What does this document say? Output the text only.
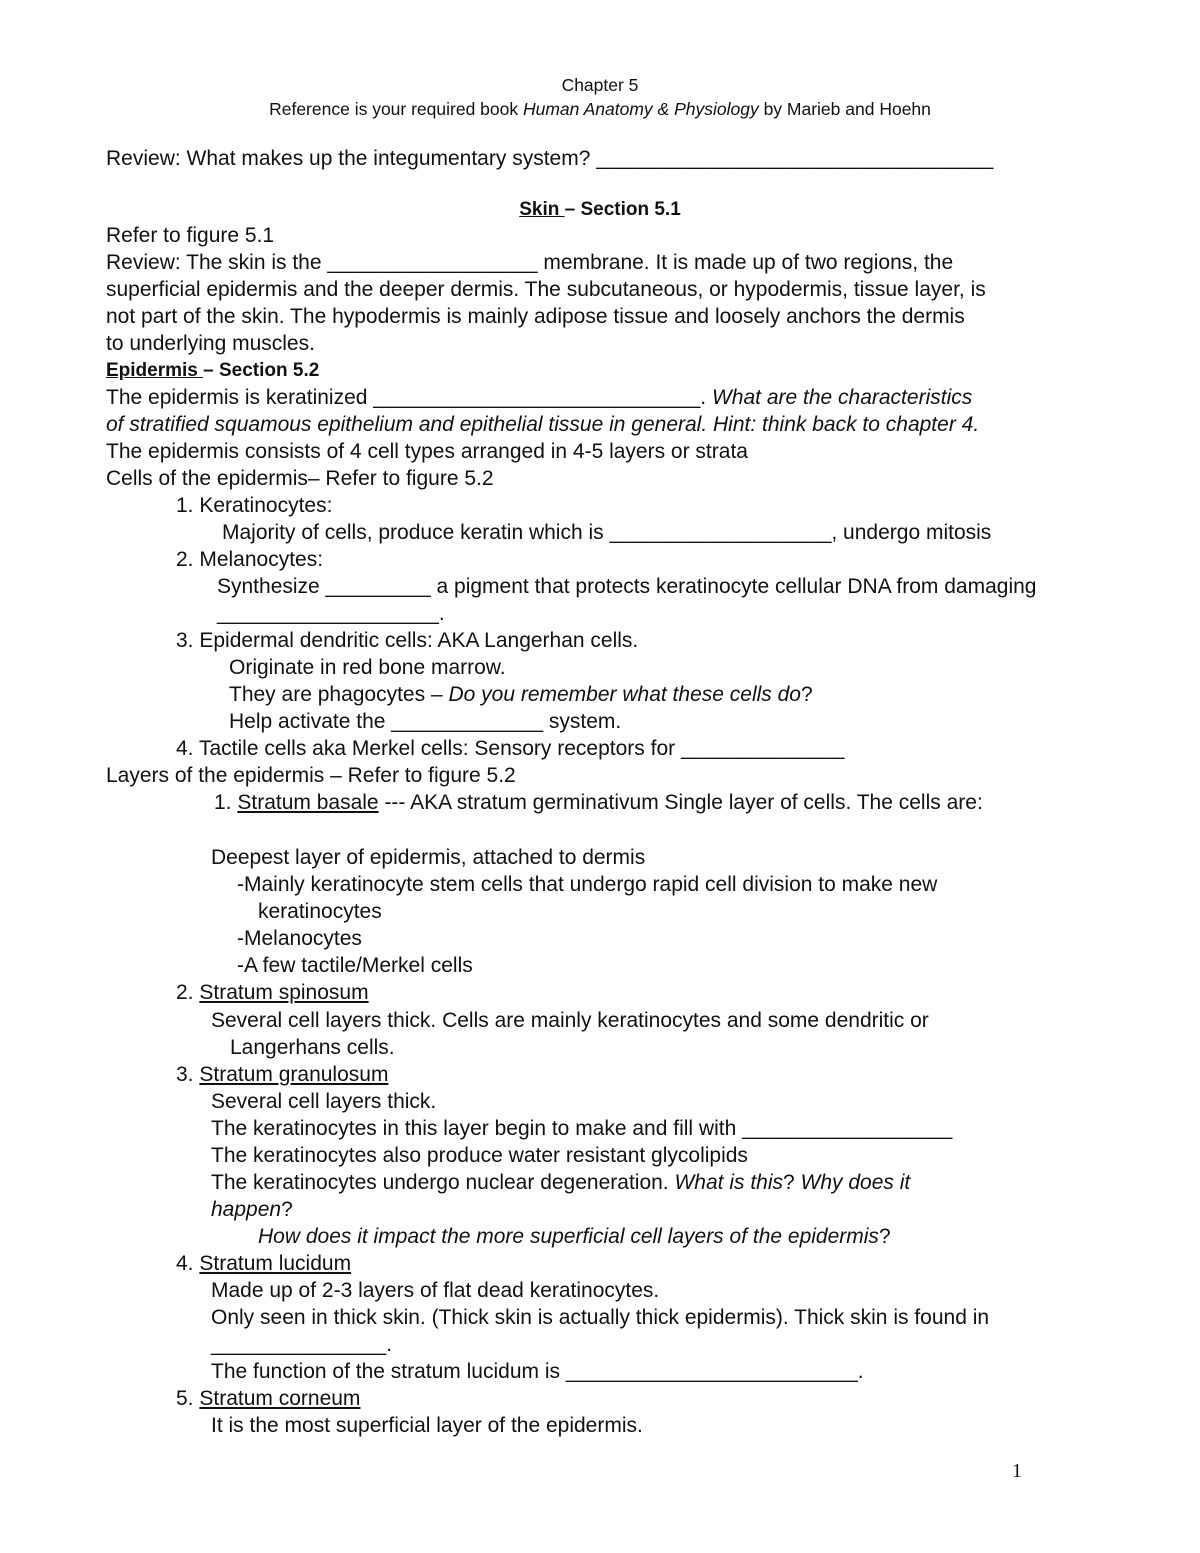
Chapter 5
Reference is your required book Human Anatomy & Physiology by Marieb and Hoehn
Review: What makes up the integumentary system? __________________________________
Skin – Section 5.1
Refer to figure 5.1
Review: The skin is the __________________ membrane. It is made up of two regions, the
superficial epidermis and the deeper dermis. The subcutaneous, or hypodermis, tissue layer, is
not part of the skin. The hypodermis is mainly adipose tissue and loosely anchors the dermis
to underlying muscles.
Epidermis – Section 5.2
The epidermis is keratinized ____________________________. What are the characteristics
of stratified squamous epithelium and epithelial tissue in general. Hint: think back to chapter 4.
The epidermis consists of 4 cell types arranged in 4-5 layers or strata
Cells of the epidermis– Refer to figure 5.2
1. Keratinocytes:
Majority of cells, produce keratin which is ___________________, undergo mitosis
2. Melanocytes:
Synthesize _________ a pigment that protects keratinocyte cellular DNA from damaging
___________________.
3. Epidermal dendritic cells: AKA Langerhan cells.
Originate in red bone marrow.
They are phagocytes – Do you remember what these cells do?
Help activate the _____________ system.
4. Tactile cells aka Merkel cells: Sensory receptors for ______________
Layers of the epidermis – Refer to figure 5.2
1. Stratum basale --- AKA stratum germinativum Single layer of cells. The cells are:
Deepest layer of epidermis, attached to dermis
-Mainly keratinocyte stem cells that undergo rapid cell division to make new
keratinocytes
-Melanocytes
-A few tactile/Merkel cells
2. Stratum spinosum
Several cell layers thick. Cells are mainly keratinocytes and some dendritic or
Langerhans cells.
3. Stratum granulosum
Several cell layers thick.
The keratinocytes in this layer begin to make and fill with __________________
The keratinocytes also produce water resistant glycolipids
The keratinocytes undergo nuclear degeneration. What is this? Why does it
happen?
How does it impact the more superficial cell layers of the epidermis?
4. Stratum lucidum
Made up of 2-3 layers of flat dead keratinocytes.
Only seen in thick skin. (Thick skin is actually thick epidermis). Thick skin is found in
_______________.
The function of the stratum lucidum is _________________________.
5. Stratum corneum
It is the most superficial layer of the epidermis.
1
